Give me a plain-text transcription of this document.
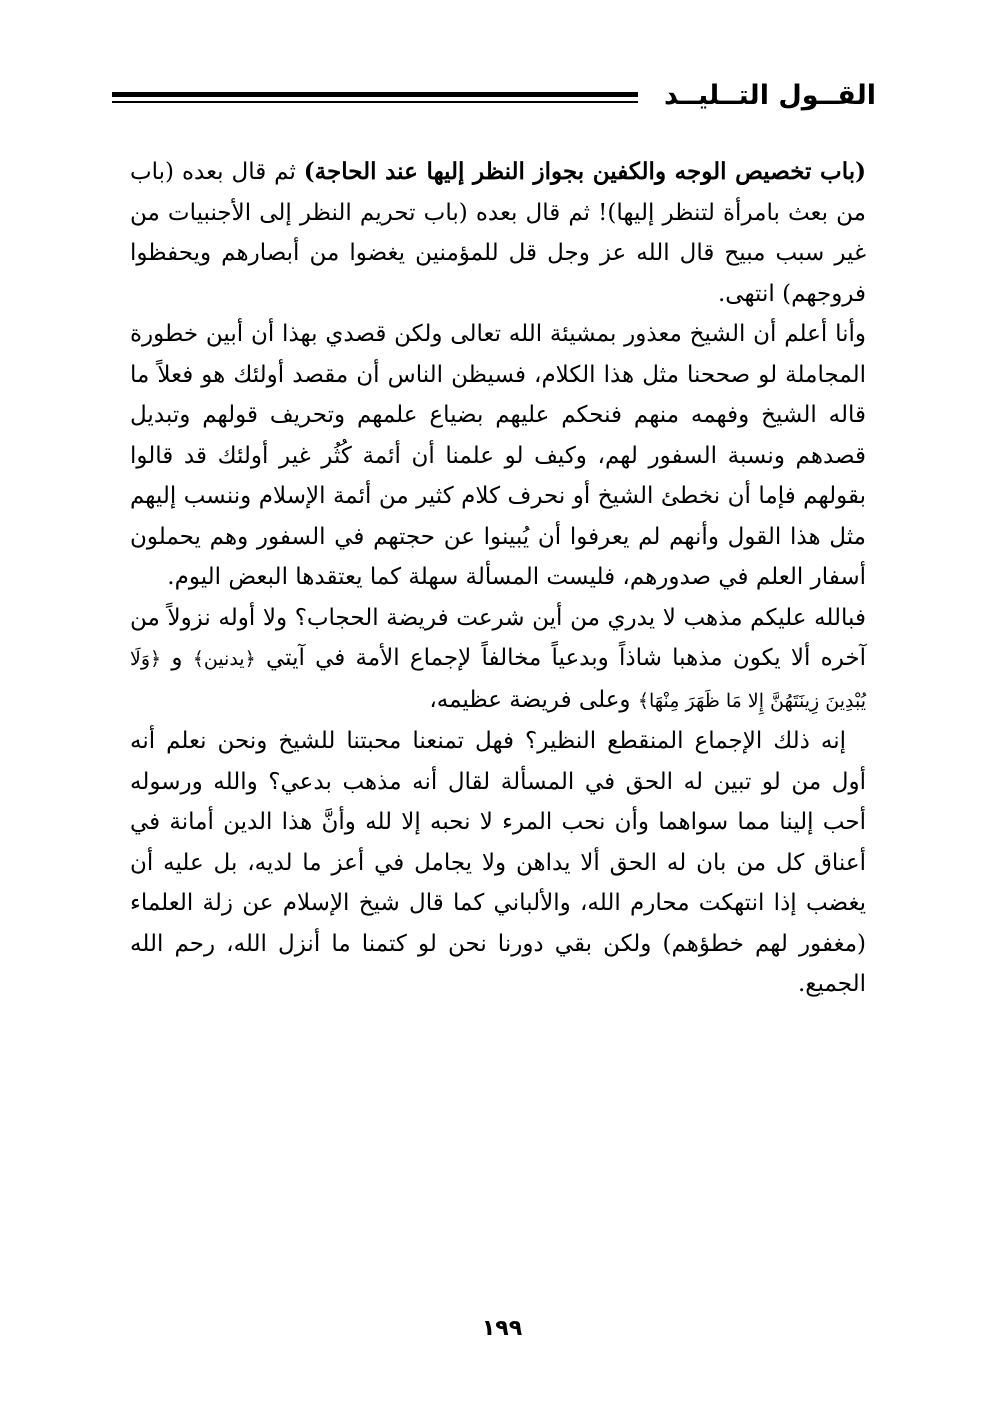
القــول التــليــد

(باب تخصيص الوجه والكفين بجواز النظر إليها عند الحاجة) ثم قال بعده (باب من بعث بامرأة لتنظر إليها)! ثم قال بعده (باب تحريم النظر إلى الأجنبيات من غير سبب مبيح قال الله عز وجل قل للمؤمنين يغضوا من أبصارهم ويحفظوا فروجهم) انتهى.

وأنا أعلم أن الشيخ معذور بمشيئة الله تعالى ولكن قصدي بهذا أن أبين خطورة المجاملة لو صححنا مثل هذا الكلام، فسيظن الناس أن مقصد أولئك هو فعلاً ما قاله الشيخ وفهمه منهم فنحكم عليهم بضياع علمهم وتحريف قولهم وتبديل قصدهم ونسبة السفور لهم، وكيف لو علمنا أن أئمة كُثُر غير أولئك قد قالوا بقولهم فإما أن نخطئ الشيخ أو نحرف كلام كثير من أئمة الإسلام وننسب إليهم مثل هذا القول وأنهم لم يعرفوا أن يُبينوا عن حجتهم في السفور وهم يحملون أسفار العلم في صدورهم، فليست المسألة سهلة كما يعتقدها البعض اليوم.

فبالله عليكم مذهب لا يدري من أين شرعت فريضة الحجاب؟ ولا أوله نزولاً من آخره ألا يكون مذهبا شاذاً وبدعياً مخالفاً لإجماع الأمة في آيتي ﴿يدنين﴾ و ﴿وَلَا يُبْدِينَ زِينَتَهُنَّ إِلا مَا ظَهَرَ مِنْهَا﴾ وعلى فريضة عظيمه،

إنه ذلك الإجماع المنقطع النظير؟ فهل تمنعنا محبتنا للشيخ ونحن نعلم أنه أول من لو تبين له الحق في المسألة لقال أنه مذهب بدعي؟ والله ورسوله أحب إلينا مما سواهما وأن نحب المرء لا نحبه إلا لله وأنَّ هذا الدين أمانة في أعناق كل من بان له الحق ألا يداهن ولا يجامل في أعز ما لديه، بل عليه أن يغضب إذا انتهكت محارم الله، والألباني كما قال شيخ الإسلام عن زلة العلماء (مغفور لهم خطؤهم) ولكن بقي دورنا نحن لو كتمنا ما أنزل الله، رحم الله الجميع.

١٩٩
